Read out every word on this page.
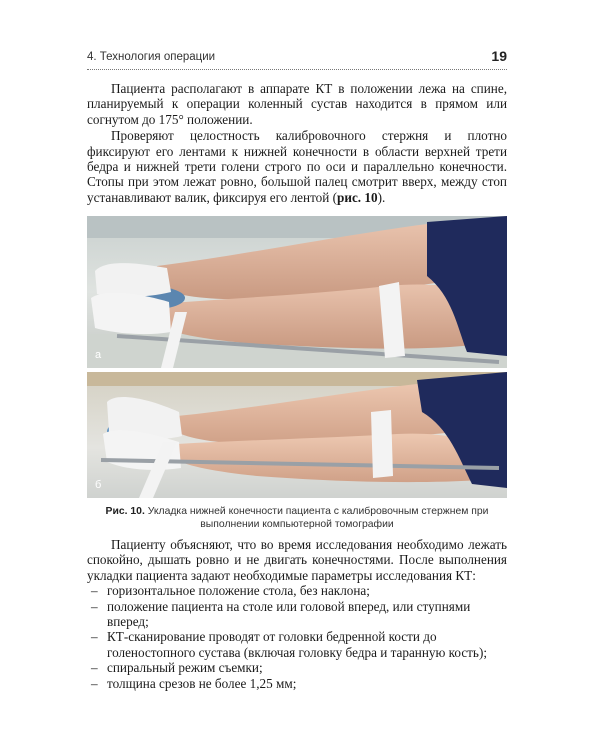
4. Технология операции	19

Пациента располагают в аппарате КТ в положении лежа на спине, планируемый к операции коленный сустав находится в прямом или согнутом до 175° положении.

Проверяют целостность калибровочного стержня и плотно фиксируют его лентами к нижней конечности в области верхней трети бедра и нижней трети голени строго по оси и параллельно конечности. Стопы при этом лежат ровно, большой палец смотрит вверх, между стоп устанавливают валик, фиксируя его лентой (рис. 10).

а
б
Рис. 10. Укладка нижней конечности пациента с калибровочным стержнем при выполнении компьютерной томографии

Пациенту объясняют, что во время исследования необходимо лежать спокойно, дышать ровно и не двигать конечностями. После выполнения укладки пациента задают необходимые параметры исследования КТ:

– горизонтальное положение стола, без наклона;
– положение пациента на столе или головой вперед, или ступнями вперед;
– КТ-сканирование проводят от головки бедренной кости до голеностопного сустава (включая головку бедра и таранную кость);
– спиральный режим съемки;
– толщина срезов не более 1,25 мм;
